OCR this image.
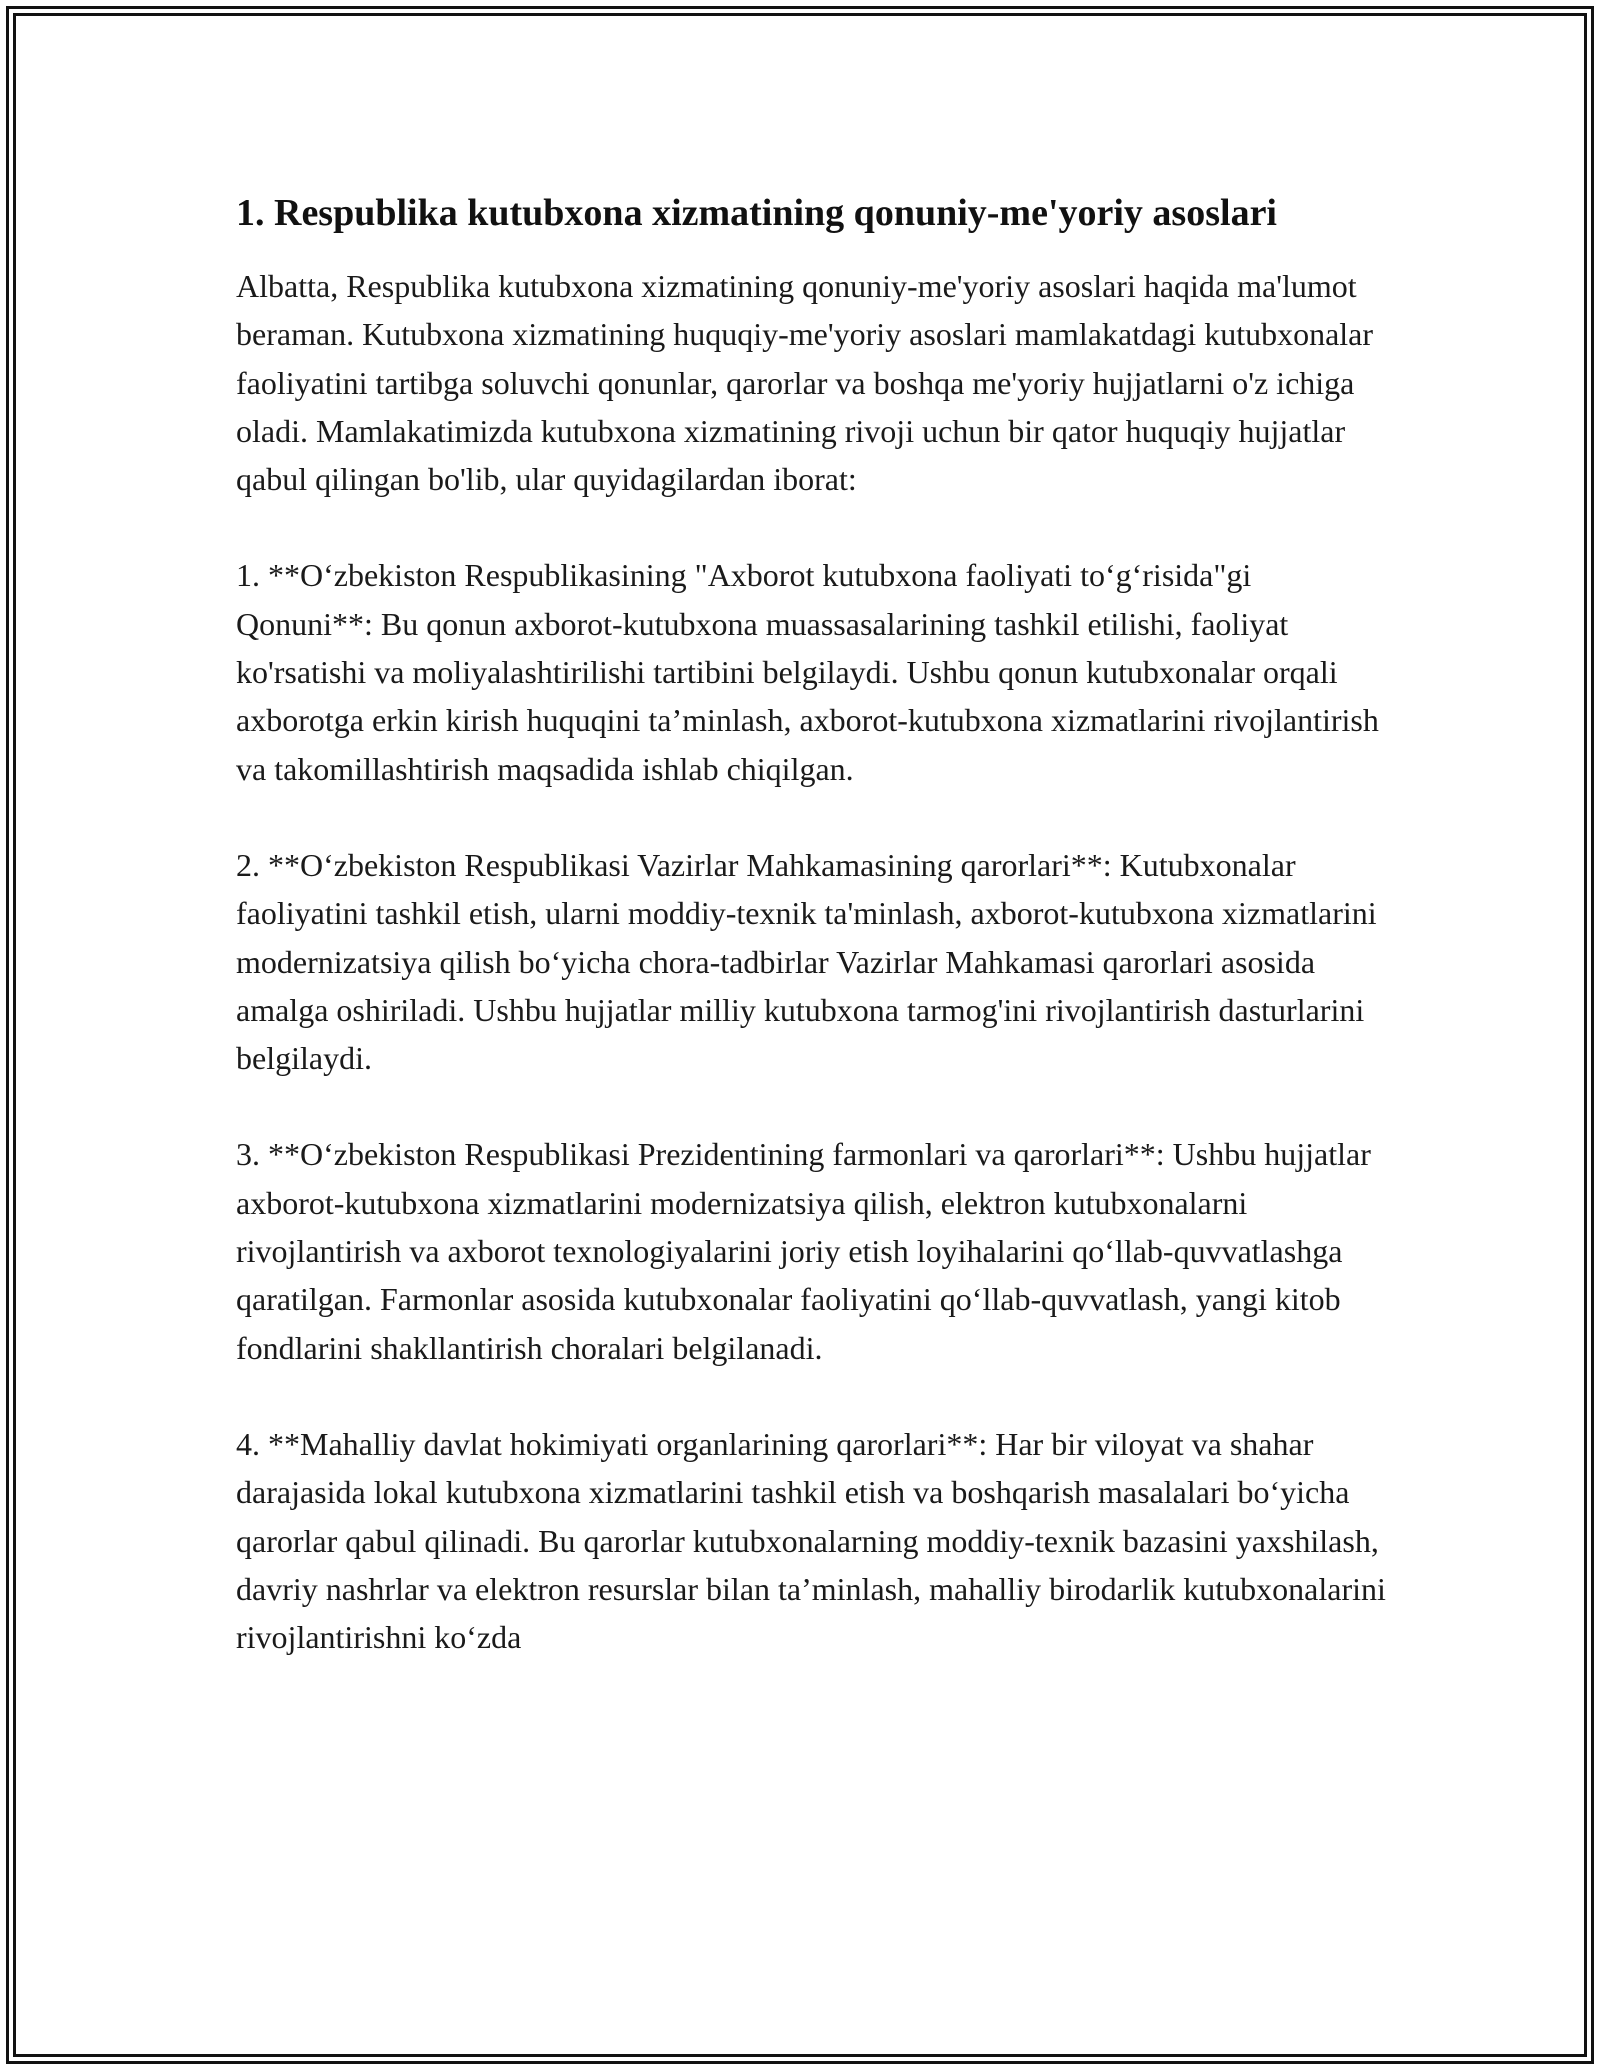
1. Respublika kutubxona xizmatining qonuniy-me'yoriy asoslari

Albatta, Respublika kutubxona xizmatining qonuniy-me'yoriy asoslari haqida ma'lumot beraman. Kutubxona xizmatining huquqiy-me'yoriy asoslari mamlakatdagi kutubxonalar faoliyatini tartibga soluvchi qonunlar, qarorlar va boshqa me'yoriy hujjatlarni o'z ichiga oladi. Mamlakatimizda kutubxona xizmatining rivoji uchun bir qator huquqiy hujjatlar qabul qilingan bo'lib, ular quyidagilardan iborat:

1. **O‘zbekiston Respublikasining "Axborot kutubxona faoliyati to‘g‘risida"gi Qonuni**: Bu qonun axborot-kutubxona muassasalarining tashkil etilishi, faoliyat ko'rsatishi va moliyalashtirilishi tartibini belgilaydi. Ushbu qonun kutubxonalar orqali axborotga erkin kirish huquqini ta’minlash, axborot-kutubxona xizmatlarini rivojlantirish va takomillashtirish maqsadida ishlab chiqilgan.

2. **O‘zbekiston Respublikasi Vazirlar Mahkamasining qarorlari**: Kutubxonalar faoliyatini tashkil etish, ularni moddiy-texnik ta'minlash, axborot-kutubxona xizmatlarini modernizatsiya qilish bo‘yicha chora-tadbirlar Vazirlar Mahkamasi qarorlari asosida amalga oshiriladi. Ushbu hujjatlar milliy kutubxona tarmog'ini rivojlantirish dasturlarini belgilaydi.

3. **O‘zbekiston Respublikasi Prezidentining farmonlari va qarorlari**: Ushbu hujjatlar axborot-kutubxona xizmatlarini modernizatsiya qilish, elektron kutubxonalarni rivojlantirish va axborot texnologiyalarini joriy etish loyihalarini qo‘llab-quvvatlashga qaratilgan. Farmonlar asosida kutubxonalar faoliyatini qo‘llab-quvvatlash, yangi kitob fondlarini shakllantirish choralari belgilanadi.

4. **Mahalliy davlat hokimiyati organlarining qarorlari**: Har bir viloyat va shahar darajasida lokal kutubxona xizmatlarini tashkil etish va boshqarish masalalari bo‘yicha qarorlar qabul qilinadi. Bu qarorlar kutubxonalarning moddiy-texnik bazasini yaxshilash, davriy nashrlar va elektron resurslar bilan ta’minlash, mahalliy birodarlik kutubxonalarini rivojlantirishni ko‘zda
